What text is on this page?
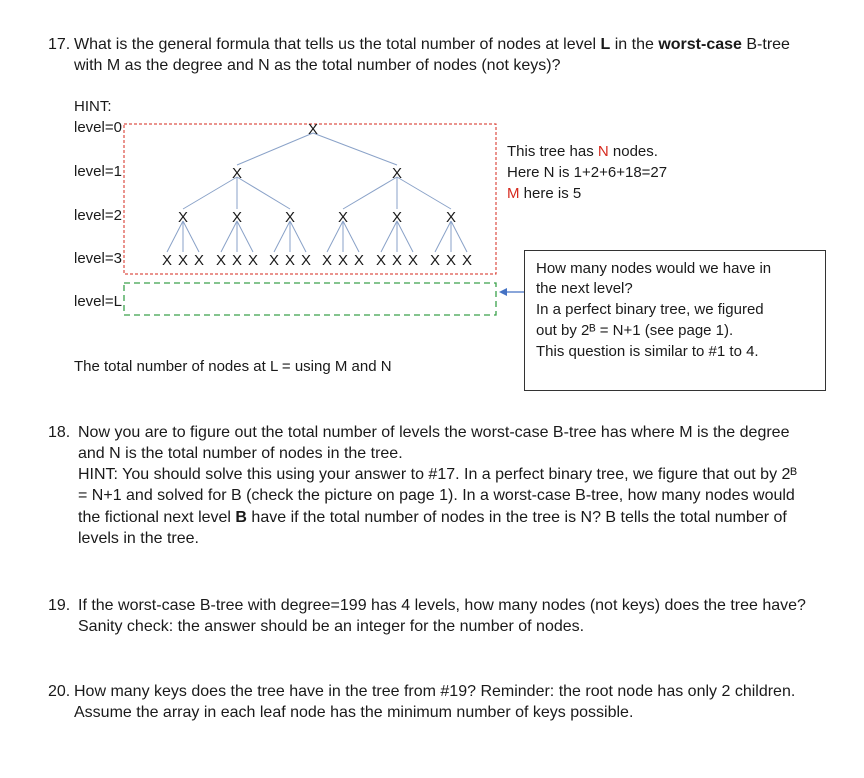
17. What is the general formula that tells us the total number of nodes at level L in the worst-case B-tree
with M as the degree and N as the total number of nodes (not keys)?
HINT:
level=0
level=1
level=2
level=3
level=L
X
X	X
X	X	X	X	X	X
X X X X X X X X X X X X X X X X X X
This tree has N nodes.
Here N is 1+2+6+18=27
M here is 5
The total number of nodes at L = using M and N
How many nodes would we have in
the next level?
In a perfect binary tree, we figured
out by 2ᴮ = N+1 (see page 1).
This question is similar to #1 to 4.
18. Now you are to figure out the total number of levels the worst-case B-tree has where M is the degree
and N is the total number of nodes in the tree.
HINT: You should solve this using your answer to #17. In a perfect binary tree, we figure that out by 2ᴮ
= N+1 and solved for B (check the picture on page 1). In a worst-case B-tree, how many nodes would
the fictional next level B have if the total number of nodes in the tree is N? B tells the total number of
levels in the tree.
19. If the worst-case B-tree with degree=199 has 4 levels, how many nodes (not keys) does the tree have?
Sanity check: the answer should be an integer for the number of nodes.
20. How many keys does the tree have in the tree from #19? Reminder: the root node has only 2 children.
Assume the array in each leaf node has the minimum number of keys possible.
